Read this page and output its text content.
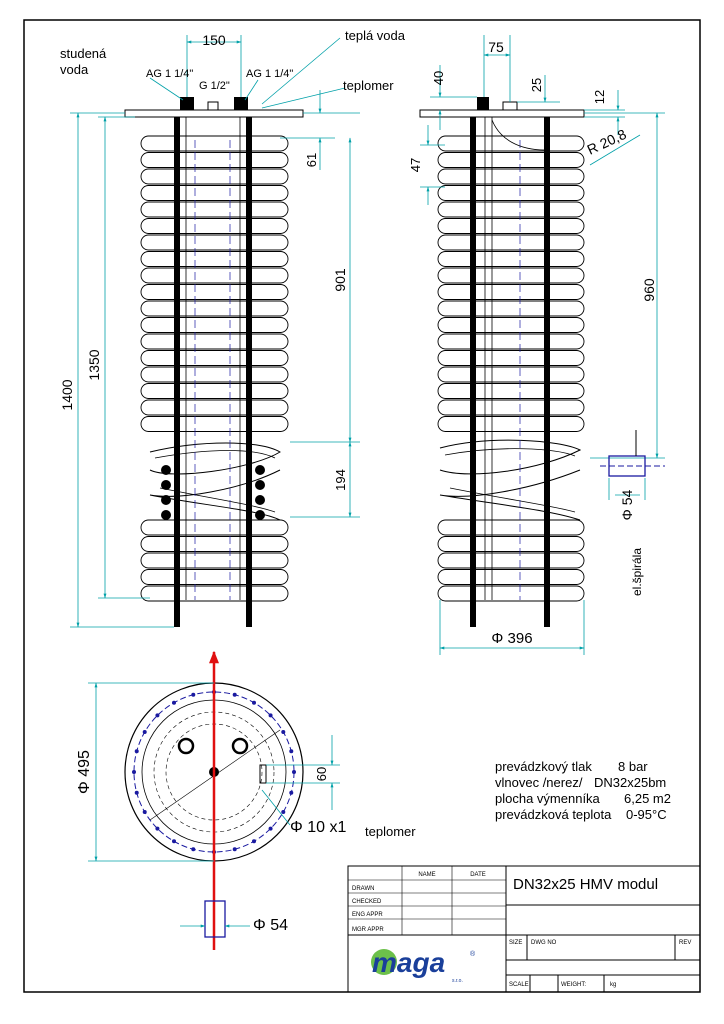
150
1400
1350
61
901
194
studená
voda
teplá voda
teplomer
AG 1 1/4"
G 1/2"
AG 1 1/4"
75
40	25
12
47
R 20,8
960
Φ 54
Φ 396
el.špirála
Φ 495	60
Φ 10 x1 teplomer
Φ 54
prevádzkový tlak 8 bar
vlnovec /nerez/ DN32x25bm
plocha výmenníka 6,25 m2
prevádzková teplota 0-95°C
NAME	DATE
DRAWN
CHECKED
ENG APPR
MGR APPR
DN32x25 HMV modul
SIZE DWG NO	REV
SCALE	WEIGHT:	kg
maga	®
s.r.o.
